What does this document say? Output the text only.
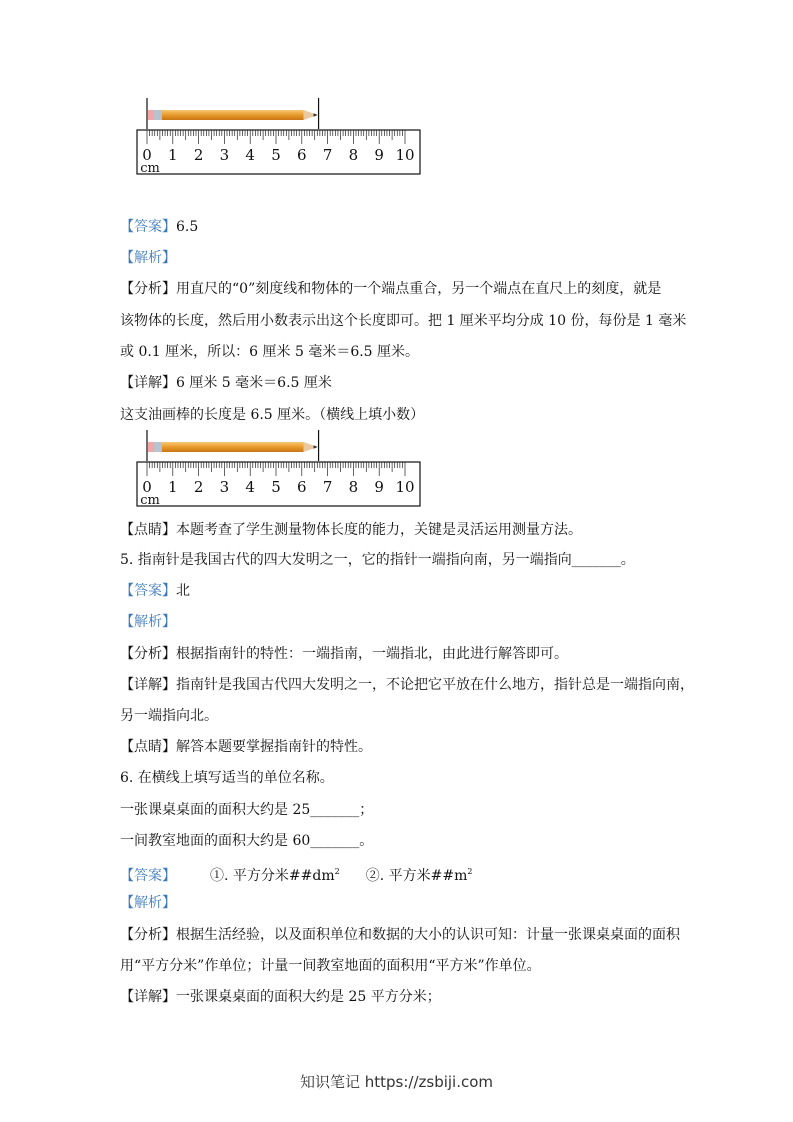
0 1 2 3 4 5 6 7 8 9 10
cm
【答案】6.5
【解析】
【分析】用直尺的“0”刻度线和物体的一个端点重合，另一个端点在直尺上的刻度，就是
该物体的长度，然后用小数表示出这个长度即可。把 1 厘米平均分成 10 份，每份是 1 毫米
或 0.1 厘米，所以：6 厘米 5 毫米＝6.5 厘米。
【详解】6 厘米 5 毫米＝6.5 厘米
这支油画棒的长度是 6.5 厘米。（横线上填小数）
0 1 2 3 4 5 6 7 8 9 10
cm
【点睛】本题考查了学生测量物体长度的能力，关键是灵活运用测量方法。
5. 指南针是我国古代的四大发明之一，它的指针一端指向南，另一端指向_______。
【答案】北
【解析】
【分析】根据指南针的特性：一端指南，一端指北，由此进行解答即可。
【详解】指南针是我国古代四大发明之一，不论把它平放在什么地方，指针总是一端指向南，
另一端指向北。
【点睛】解答本题要掌握指南针的特性。
6. 在横线上填写适当的单位名称。
一张课桌桌面的面积大约是 25_______；
一间教室地面的面积大约是 60_______。
【答案】 ①. 平方分米$\#\#dm^2$ ②. 平方米$\#\#m^2$
【解析】
【分析】根据生活经验，以及面积单位和数据的大小的认识可知：计量一张课桌桌面的面积
用“平方分米”作单位；计量一间教室地面的面积用“平方米”作单位。
【详解】一张课桌桌面的面积大约是 25 平方分米；
知识笔记 https://zsbiji.com
